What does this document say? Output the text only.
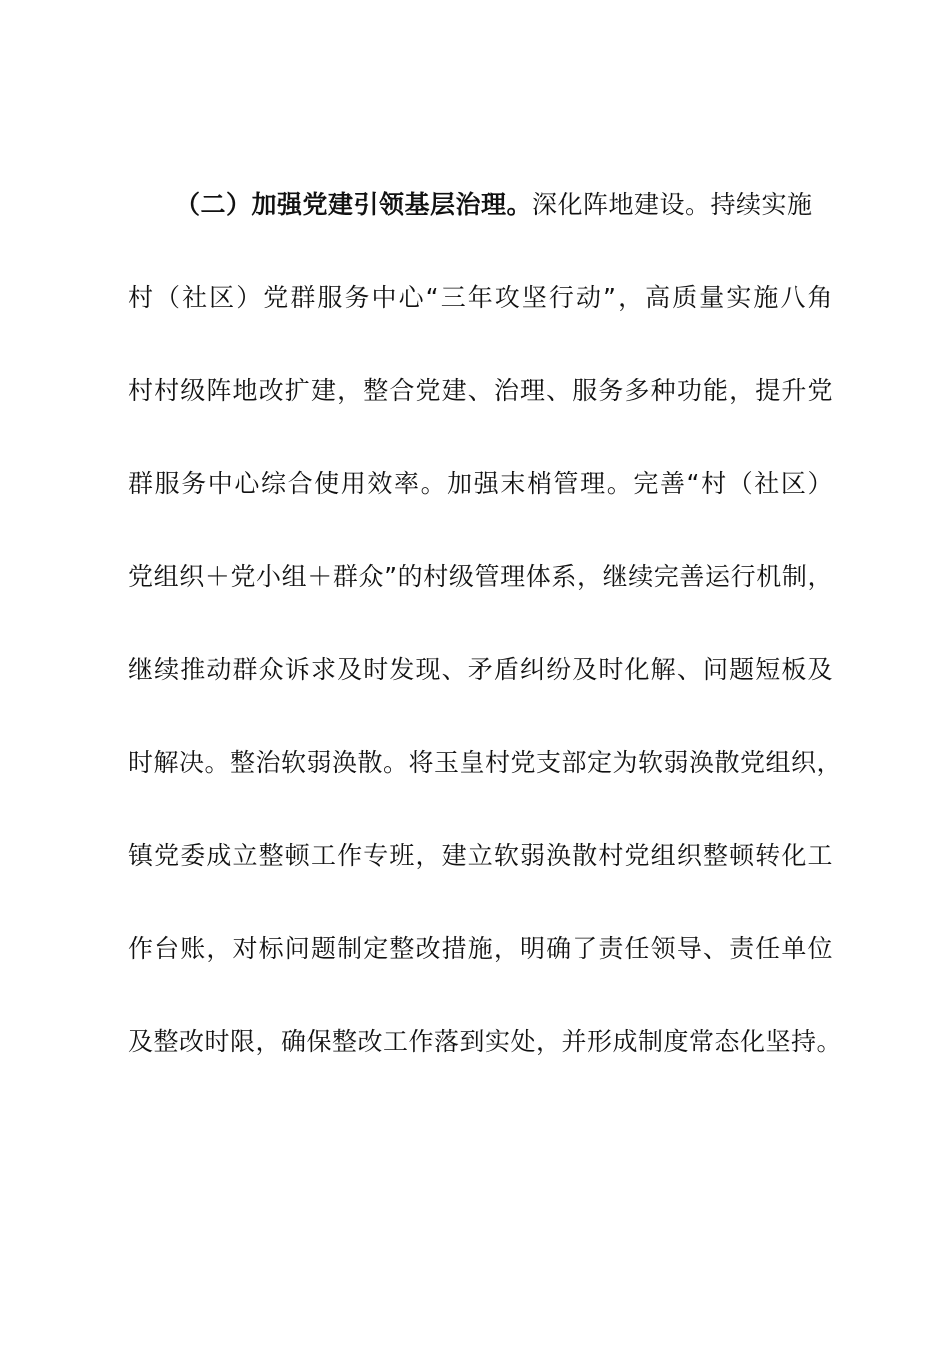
（二）加强党建引领基层治理。深化阵地建设。持续实施
村（社区）党群服务中心“三年攻坚行动”，高质量实施八角
村村级阵地改扩建，整合党建、治理、服务多种功能，提升党
群服务中心综合使用效率。加强末梢管理。完善“村（社区）
党组织＋党小组＋群众”的村级管理体系，继续完善运行机制，
继续推动群众诉求及时发现、矛盾纠纷及时化解、问题短板及
时解决。整治软弱涣散。将玉皇村党支部定为软弱涣散党组织，
镇党委成立整顿工作专班，建立软弱涣散村党组织整顿转化工
作台账，对标问题制定整改措施，明确了责任领导、责任单位
及整改时限，确保整改工作落到实处，并形成制度常态化坚持。
